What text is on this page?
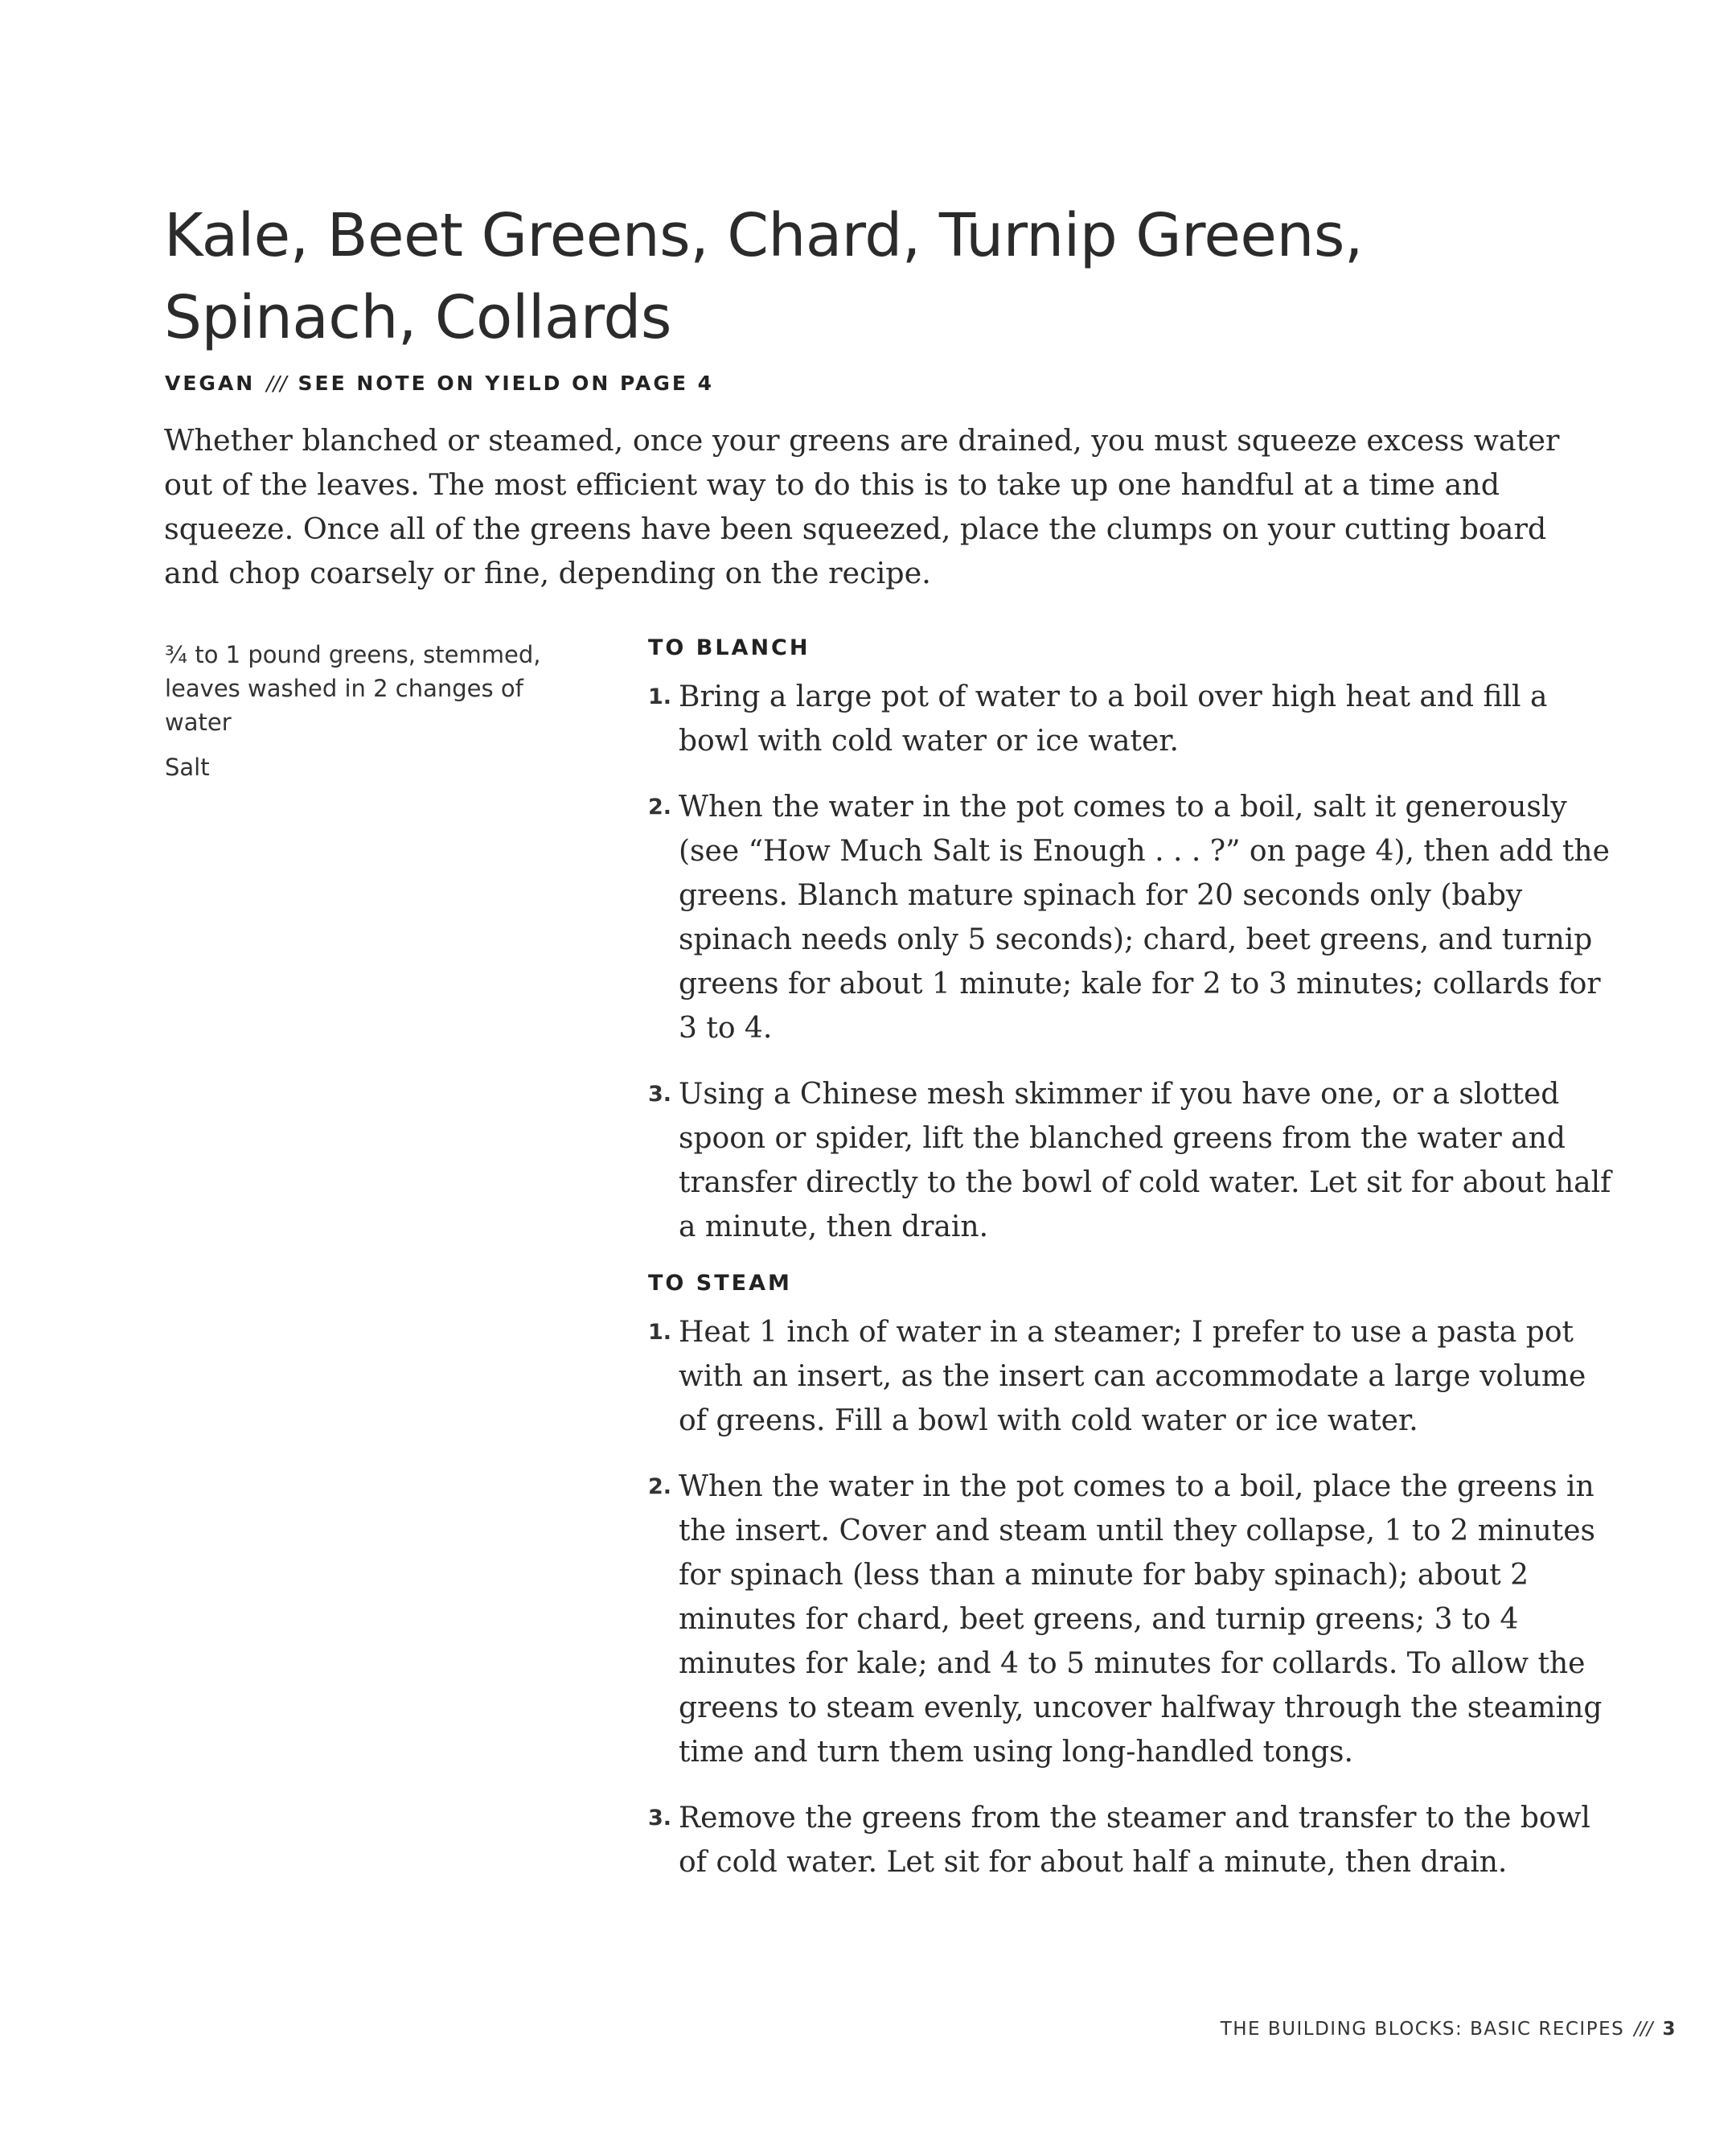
Kale, Beet Greens, Chard, Turnip Greens,
Spinach, Collards
VEGAN /// SEE NOTE ON YIELD ON PAGE 4

Whether blanched or steamed, once your greens are drained, you must squeeze excess water out of the leaves. The most efficient way to do this is to take up one handful at a time and squeeze. Once all of the greens have been squeezed, place the clumps on your cutting board and chop coarsely or fine, depending on the recipe.

¾ to 1 pound greens, stemmed, leaves washed in 2 changes of water
Salt
TO BLANCH
1. Bring a large pot of water to a boil over high heat and fill a bowl with cold water or ice water.
2. When the water in the pot comes to a boil, salt it generously (see “How Much Salt is Enough . . . ?” on page 4), then add the greens. Blanch mature spinach for 20 seconds only (baby spinach needs only 5 seconds); chard, beet greens, and turnip greens for about 1 minute; kale for 2 to 3 minutes; collards for 3 to 4.
3. Using a Chinese mesh skimmer if you have one, or a slotted spoon or spider, lift the blanched greens from the water and transfer directly to the bowl of cold water. Let sit for about half a minute, then drain.
TO STEAM
1. Heat 1 inch of water in a steamer; I prefer to use a pasta pot with an insert, as the insert can accommodate a large volume of greens. Fill a bowl with cold water or ice water.
2. When the water in the pot comes to a boil, place the greens in the insert. Cover and steam until they collapse, 1 to 2 minutes for spinach (less than a minute for baby spinach); about 2 minutes for chard, beet greens, and turnip greens; 3 to 4 minutes for kale; and 4 to 5 minutes for collards. To allow the greens to steam evenly, uncover halfway through the steaming time and turn them using long-handled tongs.
3. Remove the greens from the steamer and transfer to the bowl of cold water. Let sit for about half a minute, then drain.
THE BUILDING BLOCKS: BASIC RECIPES /// 3
